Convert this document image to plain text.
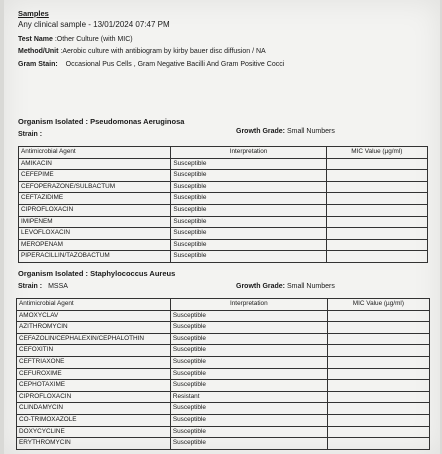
Samples
Any clinical sample - 13/01/2024 07:47 PM
Test Name :Other Culture (with MIC)
Method/Unit :Aerobic culture with antibiogram by kirby bauer disc diffusion / NA
Gram Stain: Occasional Pus Cells , Gram Negative Bacilli And Gram Positive Cocci
Organism Isolated : Pseudomonas Aeruginosa
Strain :	Growth Grade: Small Numbers
Antimicrobial Agent	Interpretation	MIC Value (µg/ml)
AMIKACIN	Susceptible	
CEFEPIME	Susceptible	
CEFOPERAZONE/SULBACTUM	Susceptible	
CEFTAZIDIME	Susceptible	
CIPROFLOXACIN	Susceptible	
IMIPENEM	Susceptible	
LEVOFLOXACIN	Susceptible	
MEROPENAM	Susceptible	
PIPERACILLIN/TAZOBACTUM	Susceptible	
Organism Isolated : Staphylococcus Aureus
Strain : MSSA	Growth Grade: Small Numbers
Antimicrobial Agent	Interpretation	MIC Value (µg/ml)
AMOXYCLAV	Susceptible	
AZITHROMYCIN	Susceptible	
CEFAZOLIN/CEPHALEXIN/CEPHALOTHIN	Susceptible	
CEFOXITIN	Susceptible	
CEFTRIAXONE	Susceptible	
CEFUROXIME	Susceptible	
CEPHOTAXIME	Susceptible	
CIPROFLOXACIN	Resistant	
CLINDAMYCIN	Susceptible	
CO-TRIMOXAZOLE	Susceptible	
DOXYCYCLINE	Susceptible	
ERYTHROMYCIN	Susceptible	
